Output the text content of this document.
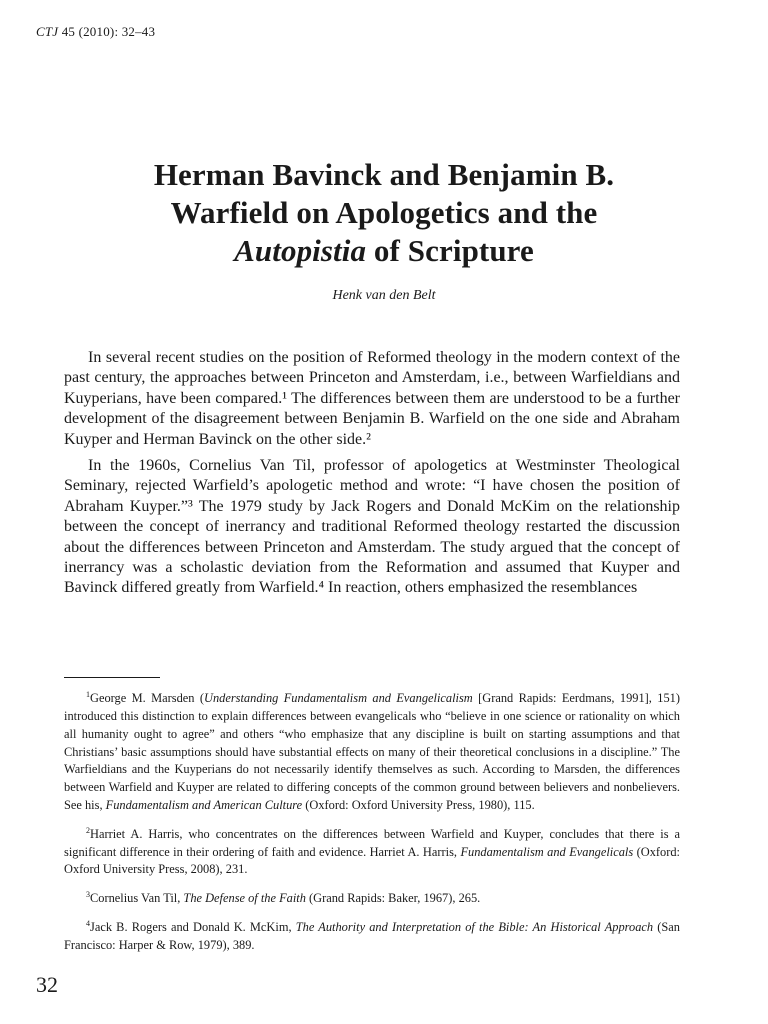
CTJ 45 (2010): 32–43
Herman Bavinck and Benjamin B.
Warfield on Apologetics and the
Autopistia of Scripture
Henk van den Belt

In several recent studies on the position of Reformed theology in the modern context of the past century, the approaches between Princeton and Amsterdam, i.e., between Warfieldians and Kuyperians, have been compared.¹ The differences between them are understood to be a further development of the disagreement between Benjamin B. Warfield on the one side and Abraham Kuyper and Herman Bavinck on the other side.²

In the 1960s, Cornelius Van Til, professor of apologetics at Westminster Theological Seminary, rejected Warfield’s apologetic method and wrote: “I have chosen the position of Abraham Kuyper.”³ The 1979 study by Jack Rogers and Donald McKim on the relationship between the concept of inerrancy and traditional Reformed theology restarted the discussion about the differences between Princeton and Amsterdam. The study argued that the concept of inerrancy was a scholastic deviation from the Reformation and assumed that Kuyper and Bavinck differed greatly from Warfield.⁴ In reaction, others emphasized the resemblances

$^1$George M. Marsden (Understanding Fundamentalism and Evangelicalism [Grand Rapids: Eerdmans, 1991], 151) introduced this distinction to explain differences between evangelicals who “believe in one science or rationality on which all humanity ought to agree” and others “who emphasize that any discipline is built on starting assumptions and that Christians’ basic assumptions should have substantial effects on many of their theoretical conclusions in a discipline.” The Warfieldians and the Kuyperians do not necessarily identify themselves as such. According to Marsden, the differences between Warfield and Kuyper are related to differing concepts of the common ground between believers and nonbelievers. See his, Fundamentalism and American Culture (Oxford: Oxford University Press, 1980), 115.

$^2$Harriet A. Harris, who concentrates on the differences between Warfield and Kuyper, concludes that there is a significant difference in their ordering of faith and evidence. Harriet A. Harris, Fundamentalism and Evangelicals (Oxford: Oxford University Press, 2008), 231.

$^3$Cornelius Van Til, The Defense of the Faith (Grand Rapids: Baker, 1967), 265.

$^4$Jack B. Rogers and Donald K. McKim, The Authority and Interpretation of the Bible: An Historical Approach (San Francisco: Harper & Row, 1979), 389.

32
